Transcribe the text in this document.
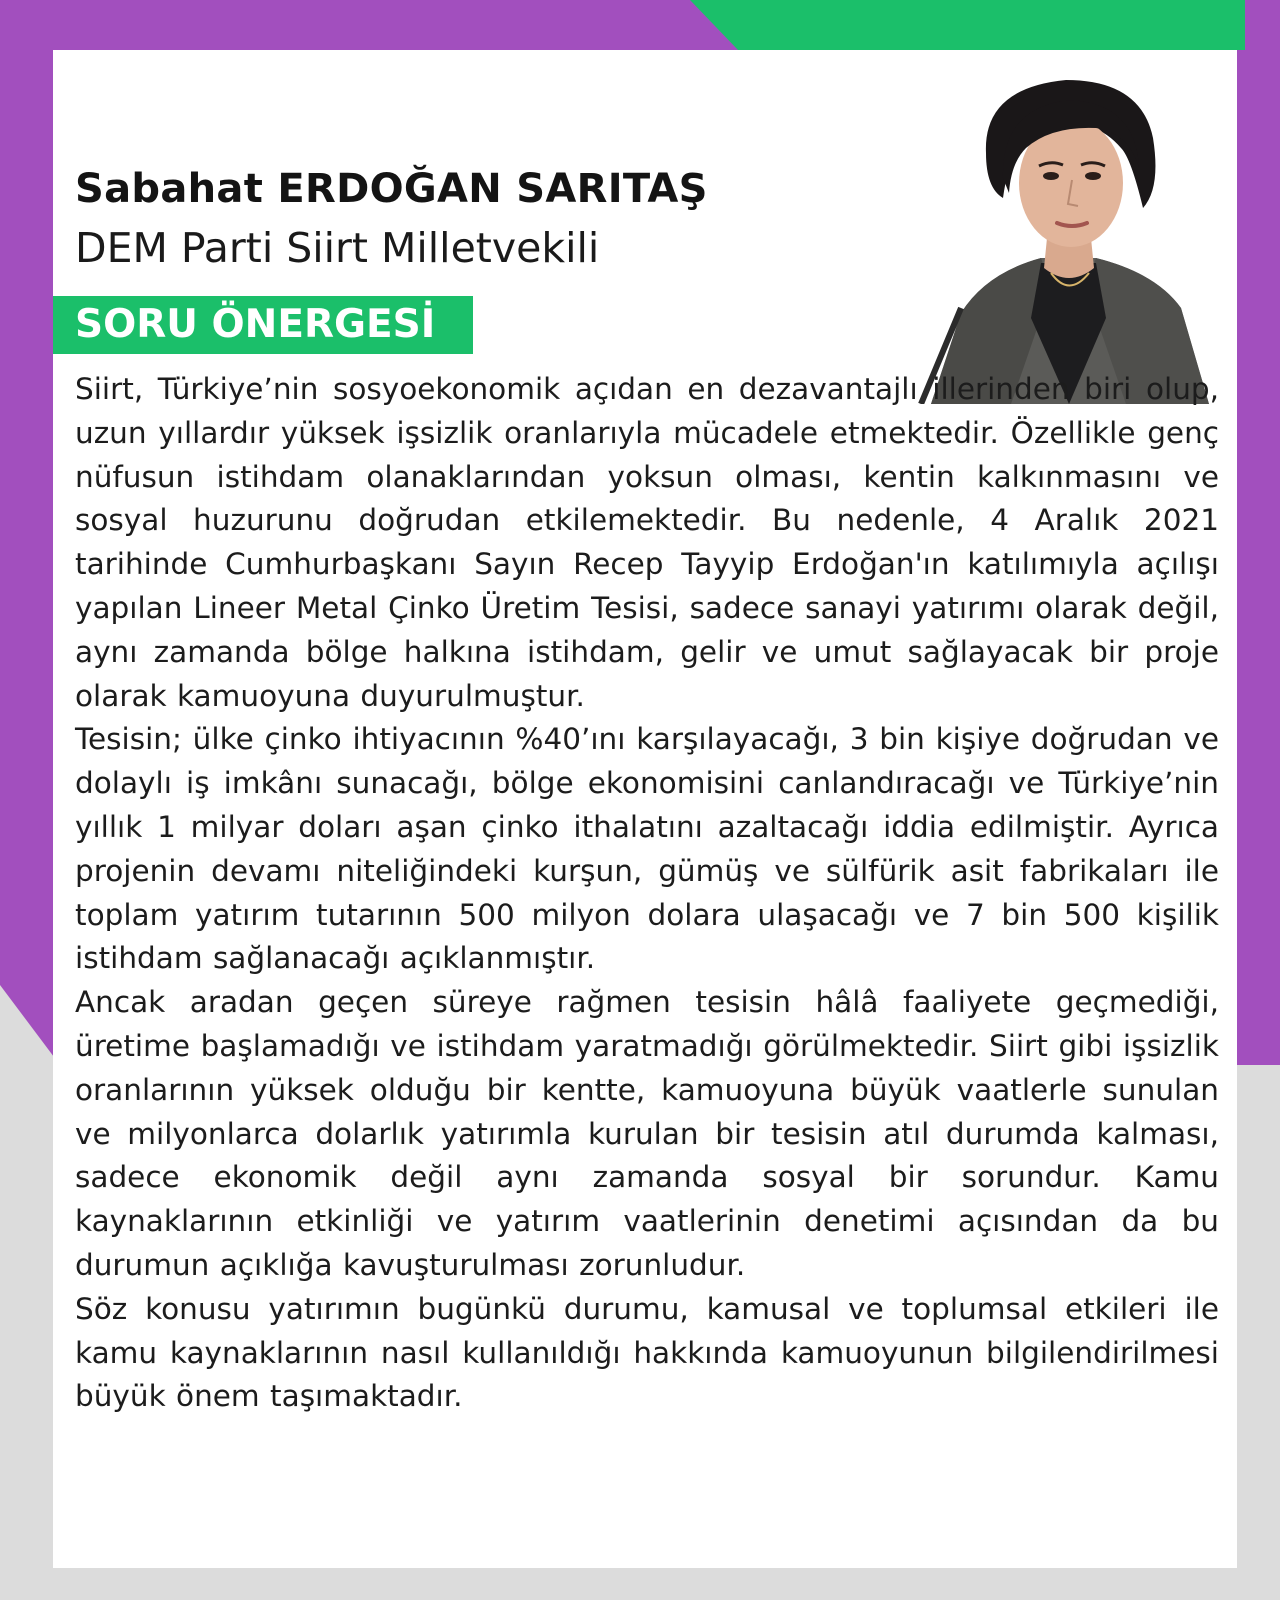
Sabahat ERDOĞAN SARITAŞ
DEM Parti Siirt Milletvekili
SORU ÖNERGESİ

Siirt, Türkiye’nin sosyoekonomik açıdan en dezavantajlı illerinden biri olup, uzun yıllardır yüksek işsizlik oranlarıyla mücadele etmektedir. Özellikle genç nüfusun istihdam olanaklarından yoksun olması, kentin kalkınmasını ve sosyal huzurunu doğrudan etkilemektedir. Bu nedenle, 4 Aralık 2021 tarihinde Cumhurbaşkanı Sayın Recep Tayyip Erdoğan'ın katılımıyla açılışı yapılan Lineer Metal Çinko Üretim Tesisi, sadece sanayi yatırımı olarak değil, aynı zamanda bölge halkına istihdam, gelir ve umut sağlayacak bir proje olarak kamuoyuna duyurulmuştur.

Tesisin; ülke çinko ihtiyacının %40’ını karşılayacağı, 3 bin kişiye doğrudan ve dolaylı iş imkânı sunacağı, bölge ekonomisini canlandıracağı ve Türkiye’nin yıllık 1 milyar doları aşan çinko ithalatını azaltacağı iddia edilmiştir. Ayrıca projenin devamı niteliğindeki kurşun, gümüş ve sülfürik asit fabrikaları ile toplam yatırım tutarının 500 milyon dolara ulaşacağı ve 7 bin 500 kişilik istihdam sağlanacağı açıklanmıştır.

Ancak aradan geçen süreye rağmen tesisin hâlâ faaliyete geçmediği, üretime başlamadığı ve istihdam yaratmadığı görülmektedir. Siirt gibi işsizlik oranlarının yüksek olduğu bir kentte, kamuoyuna büyük vaatlerle sunulan ve milyonlarca dolarlık yatırımla kurulan bir tesisin atıl durumda kalması, sadece ekonomik değil aynı zamanda sosyal bir sorundur. Kamu kaynaklarının etkinliği ve yatırım vaatlerinin denetimi açısından da bu durumun açıklığa kavuşturulması zorunludur.

Söz konusu yatırımın bugünkü durumu, kamusal ve toplumsal etkileri ile kamu kaynaklarının nasıl kullanıldığı hakkında kamuoyunun bilgilendirilmesi büyük önem taşımaktadır.
